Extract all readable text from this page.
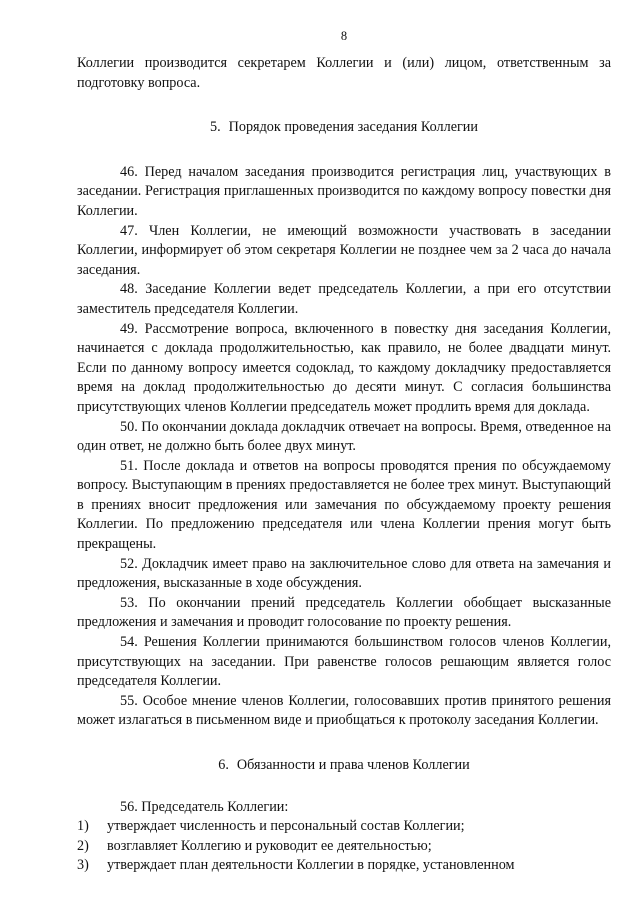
8

Коллегии производится секретарем Коллегии и (или) лицом, ответственным за подготовку вопроса.

5. Порядок проведения заседания Коллегии

46. Перед началом заседания производится регистрация лиц, участвующих в заседании. Регистрация приглашенных производится по каждому вопросу повестки дня Коллегии.

47. Член Коллегии, не имеющий возможности участвовать в заседании Коллегии, информирует об этом секретаря Коллегии не позднее чем за 2 часа до начала заседания.

48. Заседание Коллегии ведет председатель Коллегии, а при его отсутствии заместитель председателя Коллегии.

49. Рассмотрение вопроса, включенного в повестку дня заседания Коллегии, начинается с доклада продолжительностью, как правило, не более двадцати минут. Если по данному вопросу имеется содоклад, то каждому докладчику предоставляется время на доклад продолжительностью до десяти минут. С согласия большинства присутствующих членов Коллегии председатель может продлить время для доклада.

50. По окончании доклада докладчик отвечает на вопросы. Время, отведенное на один ответ, не должно быть более двух минут.

51. После доклада и ответов на вопросы проводятся прения по обсуждаемому вопросу. Выступающим в прениях предоставляется не более трех минут. Выступающий в прениях вносит предложения или замечания по обсуждаемому проекту решения Коллегии. По предложению председателя или члена Коллегии прения могут быть прекращены.

52. Докладчик имеет право на заключительное слово для ответа на замечания и предложения, высказанные в ходе обсуждения.

53. По окончании прений председатель Коллегии обобщает высказанные предложения и замечания и проводит голосование по проекту решения.

54. Решения Коллегии принимаются большинством голосов членов Коллегии, присутствующих на заседании. При равенстве голосов решающим является голос председателя Коллегии.

55. Особое мнение членов Коллегии, голосовавших против принятого решения может излагаться в письменном виде и приобщаться к протоколу заседания Коллегии.

6. Обязанности и права членов Коллегии

56. Председатель Коллегии:

1)	утверждает численность и персональный состав Коллегии;
2)	возглавляет Коллегию и руководит ее деятельностью;
3)	утверждает план деятельности Коллегии в порядке, установленном
